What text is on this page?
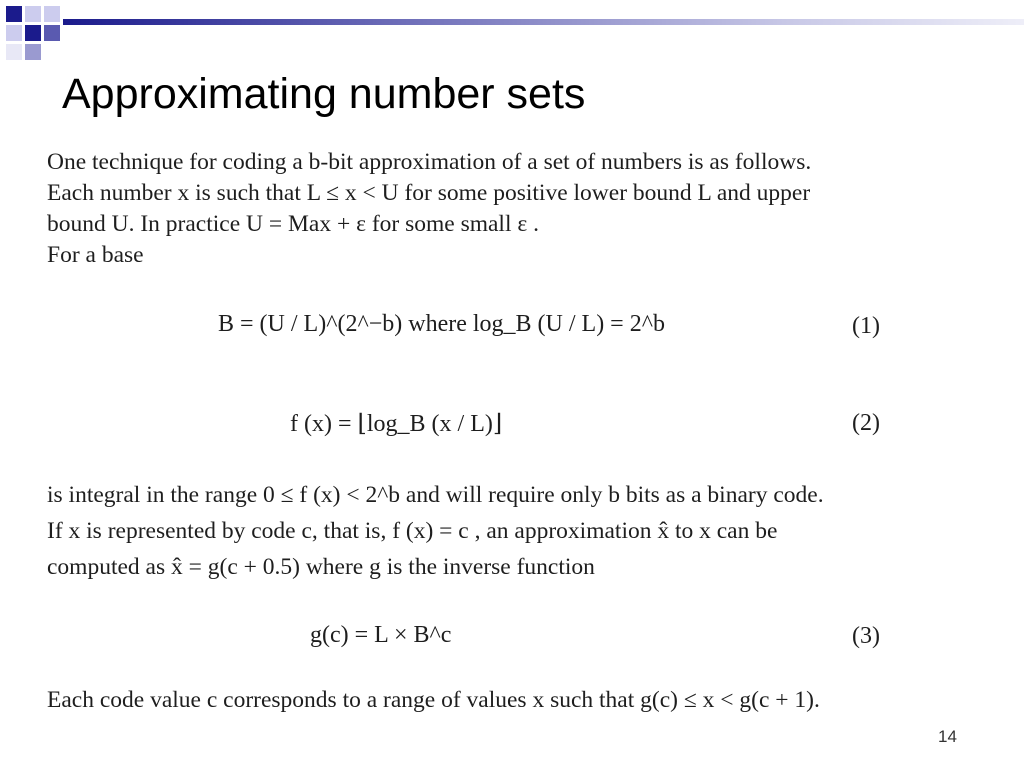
Approximating number sets
One technique for coding a b-bit approximation of a set of numbers is as follows.
Each number x is such that L ≤ x < U for some positive lower bound L and upper
bound U. In practice U = Max + ε for some small ε .
For a base
B = (U / L)^(2^−b) where log_B (U / L) = 2^b	(1)
f (x) = ⌊log_B (x / L)⌋	(2)
is integral in the range 0 ≤ f (x) < 2^b and will require only b bits as a binary code.
If x is represented by code c, that is, f (x) = c , an approximation x̂ to x can be
computed as x̂ = g(c + 0.5) where g is the inverse function
g(c) = L × B^c	(3)
Each code value c corresponds to a range of values x such that g(c) ≤ x < g(c + 1).
14
